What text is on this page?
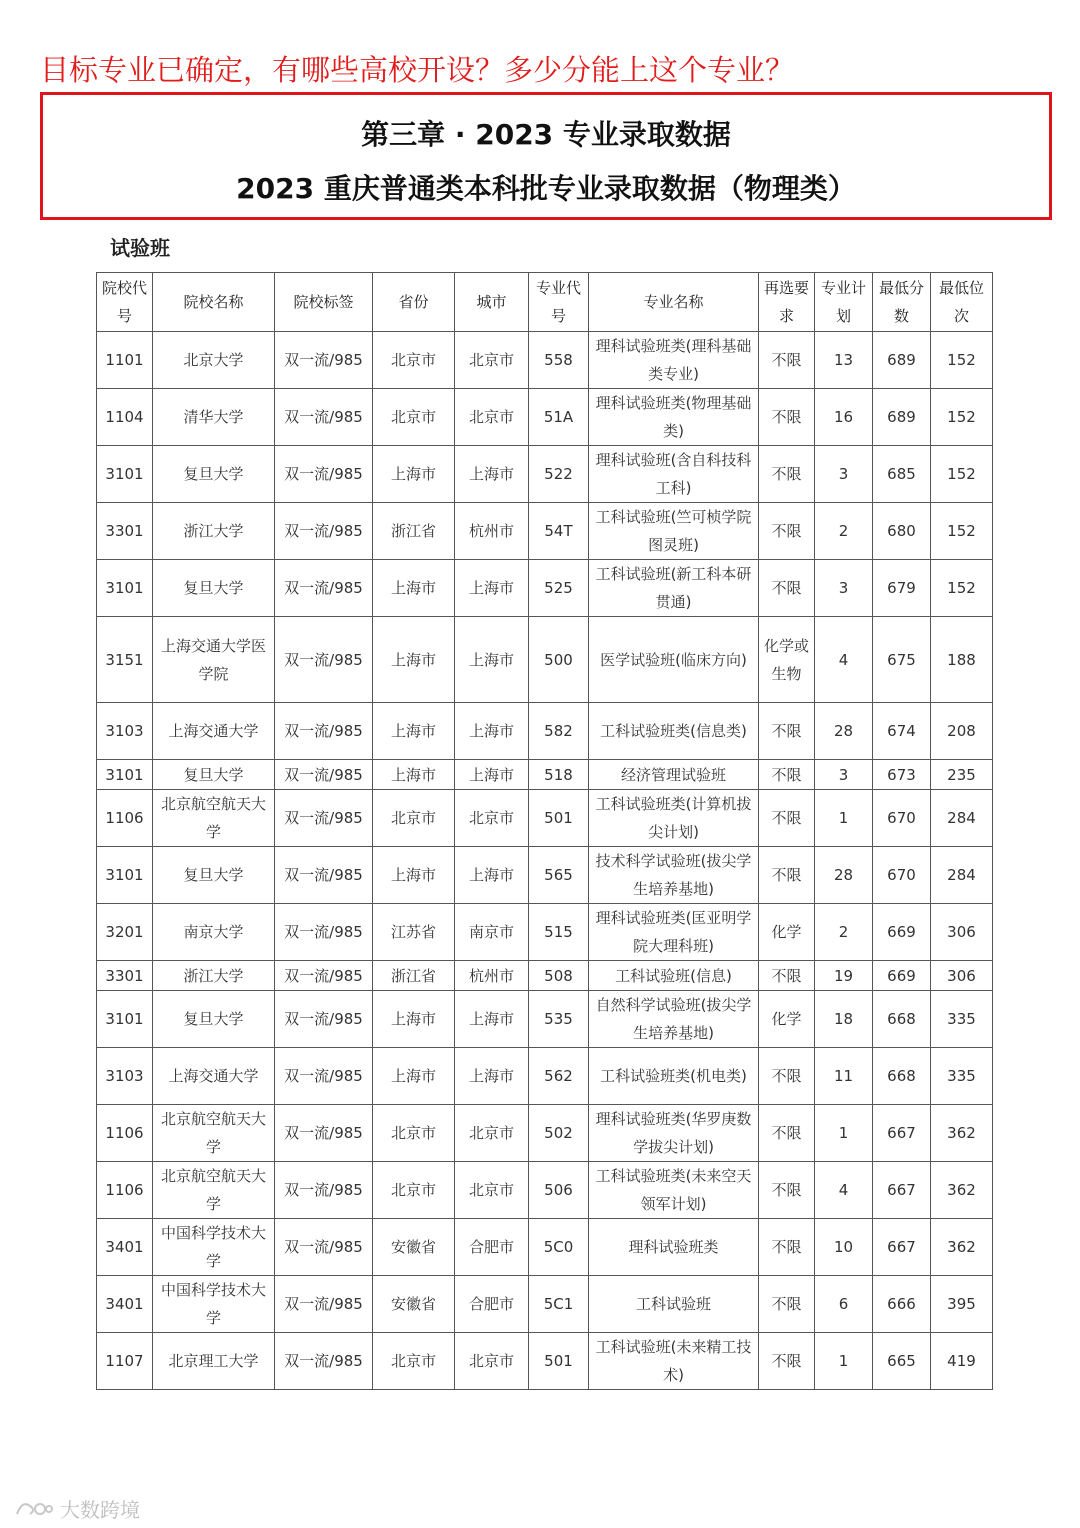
目标专业已确定，有哪些高校开设？多少分能上这个专业？
第三章 · 2023 专业录取数据
2023 重庆普通类本科批专业录取数据（物理类）
试验班
院校代号	院校名称	院校标签	省份	城市	专业代号	专业名称	再选要求	专业计划	最低分数	最低位次
1101	北京大学	双一流/985	北京市	北京市	558	理科试验班类(理科基础类专业)	不限	13	689	152
1104	清华大学	双一流/985	北京市	北京市	51A	理科试验班类(物理基础类)	不限	16	689	152
3101	复旦大学	双一流/985	上海市	上海市	522	理科试验班(含自科技科工科)	不限	3	685	152
3301	浙江大学	双一流/985	浙江省	杭州市	54T	工科试验班(竺可桢学院图灵班)	不限	2	680	152
3101	复旦大学	双一流/985	上海市	上海市	525	工科试验班(新工科本研贯通)	不限	3	679	152
3151	上海交通大学医学院	双一流/985	上海市	上海市	500	医学试验班(临床方向)	化学或生物	4	675	188
3103	上海交通大学	双一流/985	上海市	上海市	582	工科试验班类(信息类)	不限	28	674	208
3101	复旦大学	双一流/985	上海市	上海市	518	经济管理试验班	不限	3	673	235
1106	北京航空航天大学	双一流/985	北京市	北京市	501	工科试验班类(计算机拔尖计划)	不限	1	670	284
3101	复旦大学	双一流/985	上海市	上海市	565	技术科学试验班(拔尖学生培养基地)	不限	28	670	284
3201	南京大学	双一流/985	江苏省	南京市	515	理科试验班类(匡亚明学院大理科班)	化学	2	669	306
3301	浙江大学	双一流/985	浙江省	杭州市	508	工科试验班(信息)	不限	19	669	306
3101	复旦大学	双一流/985	上海市	上海市	535	自然科学试验班(拔尖学生培养基地)	化学	18	668	335
3103	上海交通大学	双一流/985	上海市	上海市	562	工科试验班类(机电类)	不限	11	668	335
1106	北京航空航天大学	双一流/985	北京市	北京市	502	理科试验班类(华罗庚数学拔尖计划)	不限	1	667	362
1106	北京航空航天大学	双一流/985	北京市	北京市	506	工科试验班类(未来空天领军计划)	不限	4	667	362
3401	中国科学技术大学	双一流/985	安徽省	合肥市	5C0	理科试验班类	不限	10	667	362
3401	中国科学技术大学	双一流/985	安徽省	合肥市	5C1	工科试验班	不限	6	666	395
1107	北京理工大学	双一流/985	北京市	北京市	501	工科试验班(未来精工技术)	不限	1	665	419
大数跨境
